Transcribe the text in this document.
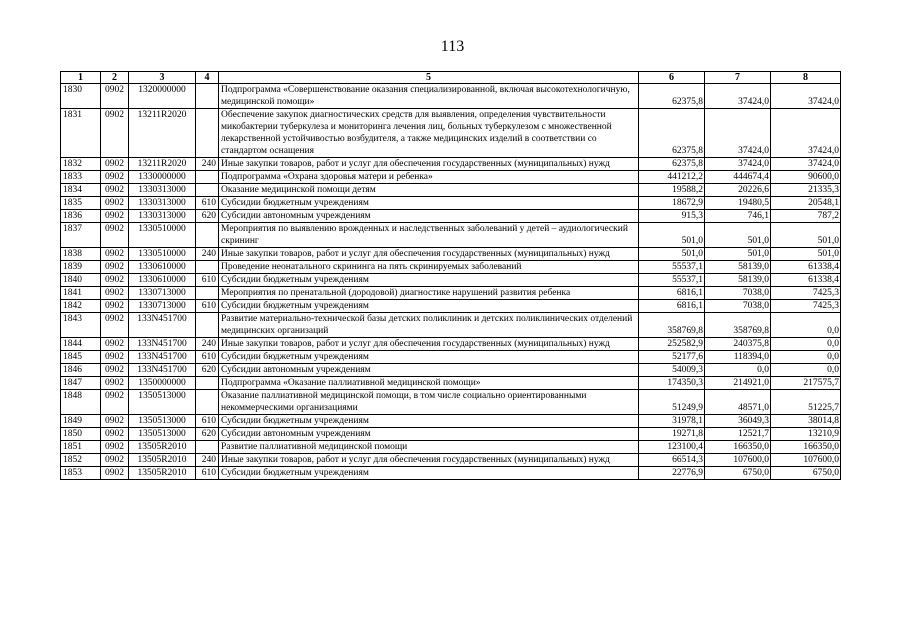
113
1	2	3	4	5	6	7	8
1830	0902	1320000000		Подпрограмма «Совершенствование оказания специализированной, включая высокотехнологичную, медицинской помощи»	62375,8	37424,0	37424,0
1831	0902	13211R2020		Обеспечение закупок диагностических средств для выявления, определения чувствительности микобактерии туберкулеза и мониторинга лечения лиц, больных туберкулезом с множественной лекарственной устойчивостью возбудителя, а также медицинских изделий в соответствии со стандартом оснащения	62375,8	37424,0	37424,0
1832	0902	13211R2020	240	Иные закупки товаров, работ и услуг для обеспечения государственных (муниципальных) нужд	62375,8	37424,0	37424,0
1833	0902	1330000000		Подпрограмма «Охрана здоровья матери и ребенка»	441212,2	444674,4	90600,0
1834	0902	1330313000		Оказание медицинской помощи детям	19588,2	20226,6	21335,3
1835	0902	1330313000	610	Субсидии бюджетным учреждениям	18672,9	19480,5	20548,1
1836	0902	1330313000	620	Субсидии автономным учреждениям	915,3	746,1	787,2
1837	0902	1330510000		Мероприятия по выявлению врожденных и наследственных заболеваний у детей – аудиологический скрининг	501,0	501,0	501,0
1838	0902	1330510000	240	Иные закупки товаров, работ и услуг для обеспечения государственных (муниципальных) нужд	501,0	501,0	501,0
1839	0902	1330610000		Проведение неонатального скрининга на пять скринируемых заболеваний	55537,1	58139,0	61338,4
1840	0902	1330610000	610	Субсидии бюджетным учреждениям	55537,1	58139,0	61338,4
1841	0902	1330713000		Мероприятия по пренатальной (дородовой) диагностике нарушений развития ребенка	6816,1	7038,0	7425,3
1842	0902	1330713000	610	Субсидии бюджетным учреждениям	6816,1	7038,0	7425,3
1843	0902	133N451700		Развитие материально-технической базы детских поликлиник и детских поликлинических отделений медицинских организаций	358769,8	358769,8	0,0
1844	0902	133N451700	240	Иные закупки товаров, работ и услуг для обеспечения государственных (муниципальных) нужд	252582,9	240375,8	0,0
1845	0902	133N451700	610	Субсидии бюджетным учреждениям	52177,6	118394,0	0,0
1846	0902	133N451700	620	Субсидии автономным учреждениям	54009,3	0,0	0,0
1847	0902	1350000000		Подпрограмма «Оказание паллиативной медицинской помощи»	174350,3	214921,0	217575,7
1848	0902	1350513000		Оказание паллиативной медицинской помощи, в том числе социально ориентированными некоммерческими организациями	51249,9	48571,0	51225,7
1849	0902	1350513000	610	Субсидии бюджетным учреждениям	31978,1	36049,3	38014,8
1850	0902	1350513000	620	Субсидии автономным учреждениям	19271,8	12521,7	13210,9
1851	0902	13505R2010		Развитие паллиативной медицинской помощи	123100,4	166350,0	166350,0
1852	0902	13505R2010	240	Иные закупки товаров, работ и услуг для обеспечения государственных (муниципальных) нужд	66514,3	107600,0	107600,0
1853	0902	13505R2010	610	Субсидии бюджетным учреждениям	22776,9	6750,0	6750,0
